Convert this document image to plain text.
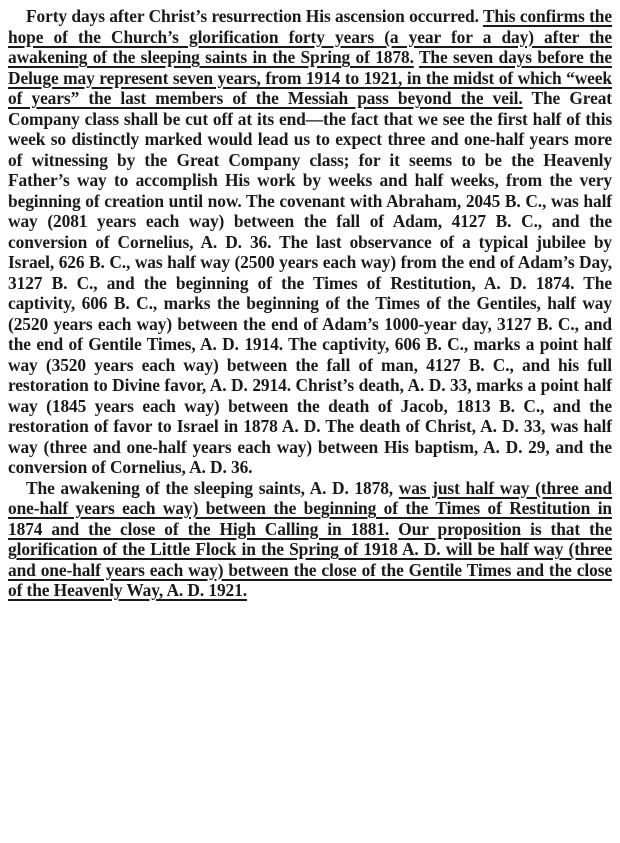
Forty days after Christ’s resurrection His ascension occurred. This confirms the hope of the Church’s glorification forty years (a year for a day) after the awakening of the sleeping saints in the Spring of 1878. The seven days before the Deluge may represent seven years, from 1914 to 1921, in the midst of which “week of years” the last members of the Messiah pass beyond the veil. The Great Company class shall be cut off at its end—the fact that we see the first half of this week so distinctly marked would lead us to expect three and one-half years more of witnessing by the Great Company class; for it seems to be the Heavenly Father’s way to accomplish His work by weeks and half weeks, from the very beginning of creation until now. The covenant with Abraham, 2045 B. C., was half way (2081 years each way) between the fall of Adam, 4127 B. C., and the conversion of Cornelius, A. D. 36. The last observance of a typical jubilee by Israel, 626 B. C., was half way (2500 years each way) from the end of Adam’s Day, 3127 B. C., and the beginning of the Times of Restitution, A. D. 1874. The captivity, 606 B. C., marks the beginning of the Times of the Gentiles, half way (2520 years each way) between the end of Adam’s 1000-year day, 3127 B. C., and the end of Gentile Times, A. D. 1914. The captivity, 606 B. C., marks a point half way (3520 years each way) between the fall of man, 4127 B. C., and his full restoration to Divine favor, A. D. 2914. Christ’s death, A. D. 33, marks a point half way (1845 years each way) between the death of Jacob, 1813 B. C., and the restoration of favor to Israel in 1878 A. D. The death of Christ, A. D. 33, was half way (three and one-half years each way) between His baptism, A. D. 29, and the conversion of Cornelius, A. D. 36.

The awakening of the sleeping saints, A. D. 1878, was just half way (three and one-half years each way) between the beginning of the Times of Restitution in 1874 and the close of the High Calling in 1881. Our proposition is that the glorification of the Little Flock in the Spring of 1918 A. D. will be half way (three and one-half years each way) between the close of the Gentile Times and the close of the Heavenly Way, A. D. 1921.
